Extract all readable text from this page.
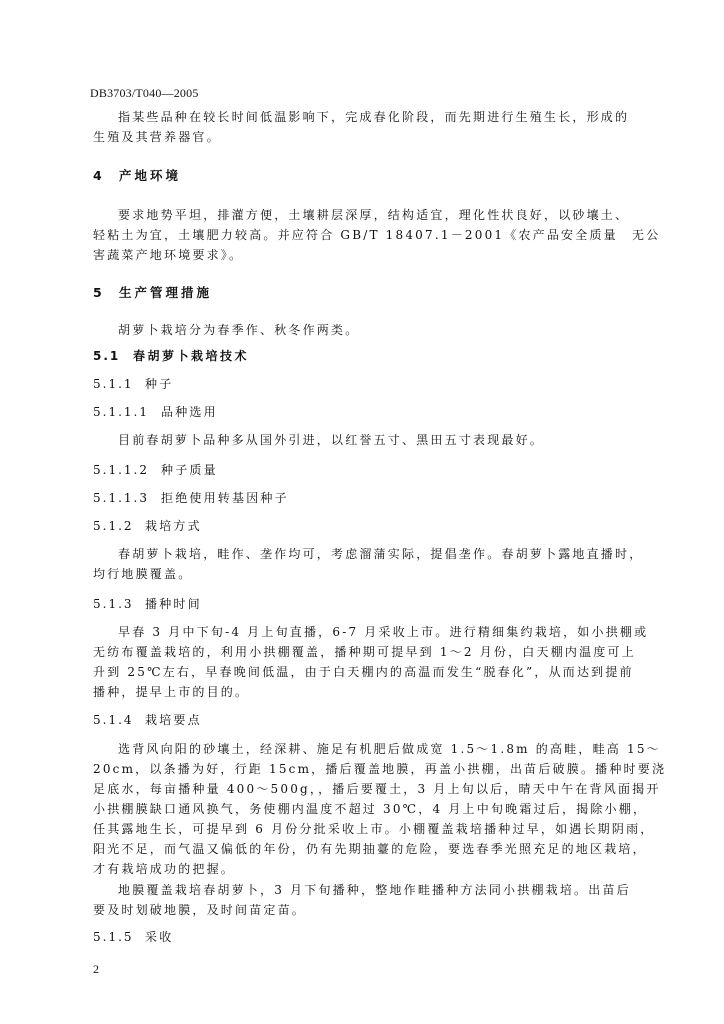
DB3703/T040—2005
指某些品种在较长时间低温影响下，完成春化阶段，而先期进行生殖生长，形成的
生殖及其营养器官。
4 产地环境
要求地势平坦，排灌方便，土壤耕层深厚，结构适宜，理化性状良好，以砂壤土、
轻粘土为宜，土壤肥力较高。并应符合 GB/T 18407.1－2001《农产品安全质量　无公
害蔬菜产地环境要求》。
5 生产管理措施
胡萝卜栽培分为春季作、秋冬作两类。
5.1 春胡萝卜栽培技术
5.1.1 种子
5.1.1.1 品种选用
目前春胡萝卜品种多从国外引进，以红誉五寸、黑田五寸表现最好。
5.1.1.2 种子质量
5.1.1.3 拒绝使用转基因种子
5.1.2 栽培方式
春胡萝卜栽培，畦作、垄作均可，考虑溜蒲实际，提倡垄作。春胡萝卜露地直播时，
均行地膜覆盖。
5.1.3 播种时间
早春 3 月中下旬-4 月上旬直播，6-7 月采收上市。进行精细集约栽培，如小拱棚或
无纺布覆盖栽培的，利用小拱棚覆盖，播种期可提早到 1～2 月份，白天棚内温度可上
升到 25℃左右，早春晚间低温，由于白天棚内的高温而发生“脱春化”，从而达到提前
播种，提早上市的目的。
5.1.4 栽培要点
选背风向阳的砂壤土，经深耕、施足有机肥后做成宽 1.5～1.8m 的高畦，畦高 15～
20cm，以条播为好，行距 15cm，播后覆盖地膜，再盖小拱棚，出苗后破膜。播种时要浇
足底水，每亩播种量 400～500g，，播后要覆土，3 月上旬以后，晴天中午在背风面揭开
小拱棚膜缺口通风换气，务使棚内温度不超过 30℃，4 月上中旬晚霜过后，揭除小棚，
任其露地生长，可提早到 6 月份分批采收上市。小棚覆盖栽培播种过早，如遇长期阴雨，
阳光不足，而气温又偏低的年份，仍有先期抽薹的危险，要选春季光照充足的地区栽培，
才有栽培成功的把握。
地膜覆盖栽培春胡萝卜，3 月下旬播种，整地作畦播种方法同小拱棚栽培。出苗后
要及时划破地膜，及时间苗定苗。
5.1.5 采收
2
